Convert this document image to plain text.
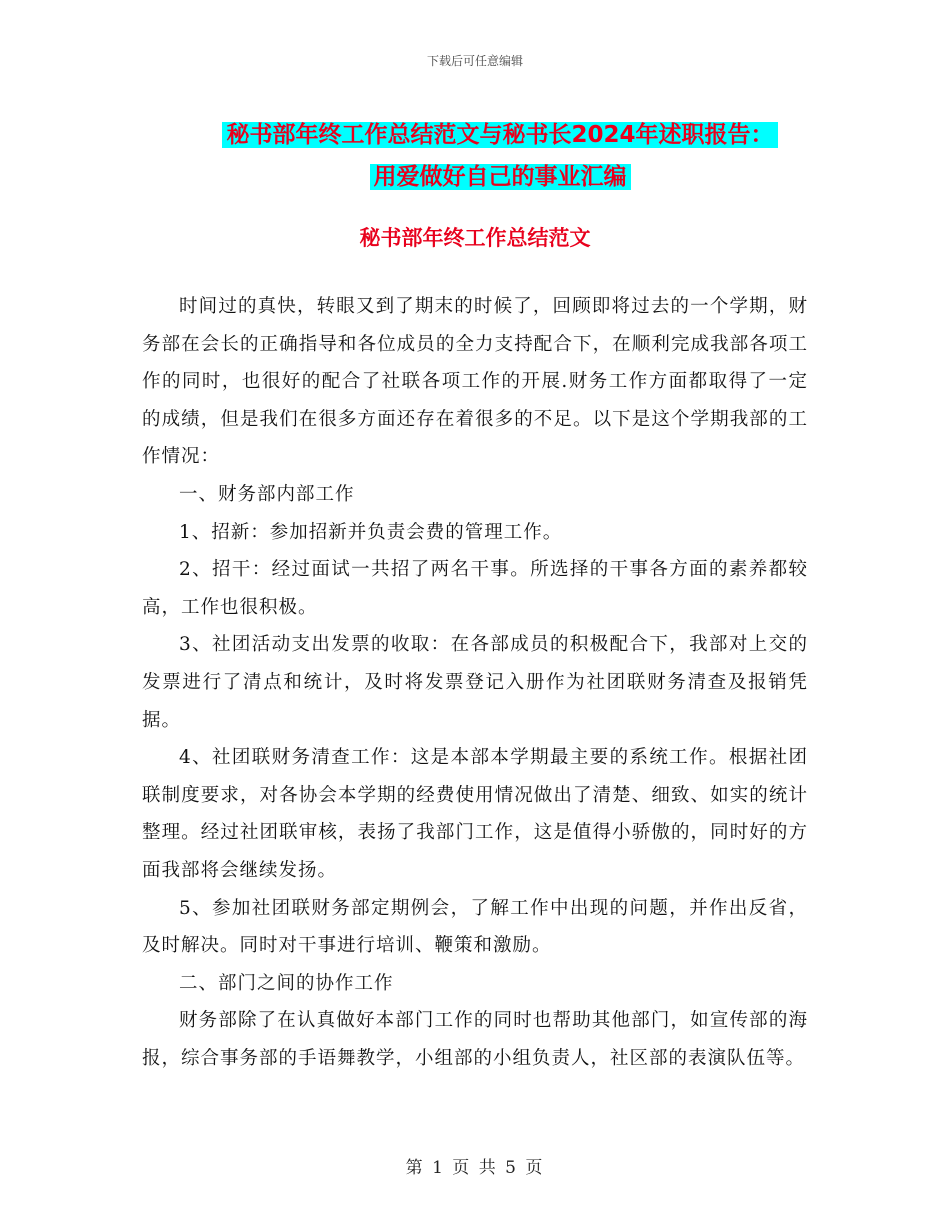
下载后可任意编辑
秘书部年终工作总结范文与秘书长2024年述职报告：
用爱做好自己的事业汇编
秘书部年终工作总结范文

时间过的真快，转眼又到了期末的时候了，回顾即将过去的一个学期，财务部在会长的正确指导和各位成员的全力支持配合下，在顺利完成我部各项工作的同时，也很好的配合了社联各项工作的开展.财务工作方面都取得了一定的成绩，但是我们在很多方面还存在着很多的不足。以下是这个学期我部的工作情况：

一、财务部内部工作

1、招新：参加招新并负责会费的管理工作。

2、招干：经过面试一共招了两名干事。所选择的干事各方面的素养都较高，工作也很积极。

3、社团活动支出发票的收取：在各部成员的积极配合下，我部对上交的发票进行了清点和统计，及时将发票登记入册作为社团联财务清查及报销凭据。

4、社团联财务清查工作：这是本部本学期最主要的系统工作。根据社团联制度要求，对各协会本学期的经费使用情况做出了清楚、细致、如实的统计整理。经过社团联审核，表扬了我部门工作，这是值得小骄傲的，同时好的方面我部将会继续发扬。

5、参加社团联财务部定期例会，了解工作中出现的问题，并作出反省，及时解决。同时对干事进行培训、鞭策和激励。

二、部门之间的协作工作

财务部除了在认真做好本部门工作的同时也帮助其他部门，如宣传部的海报，综合事务部的手语舞教学，小组部的小组负责人，社区部的表演队伍等。

第 1 页 共 5 页
